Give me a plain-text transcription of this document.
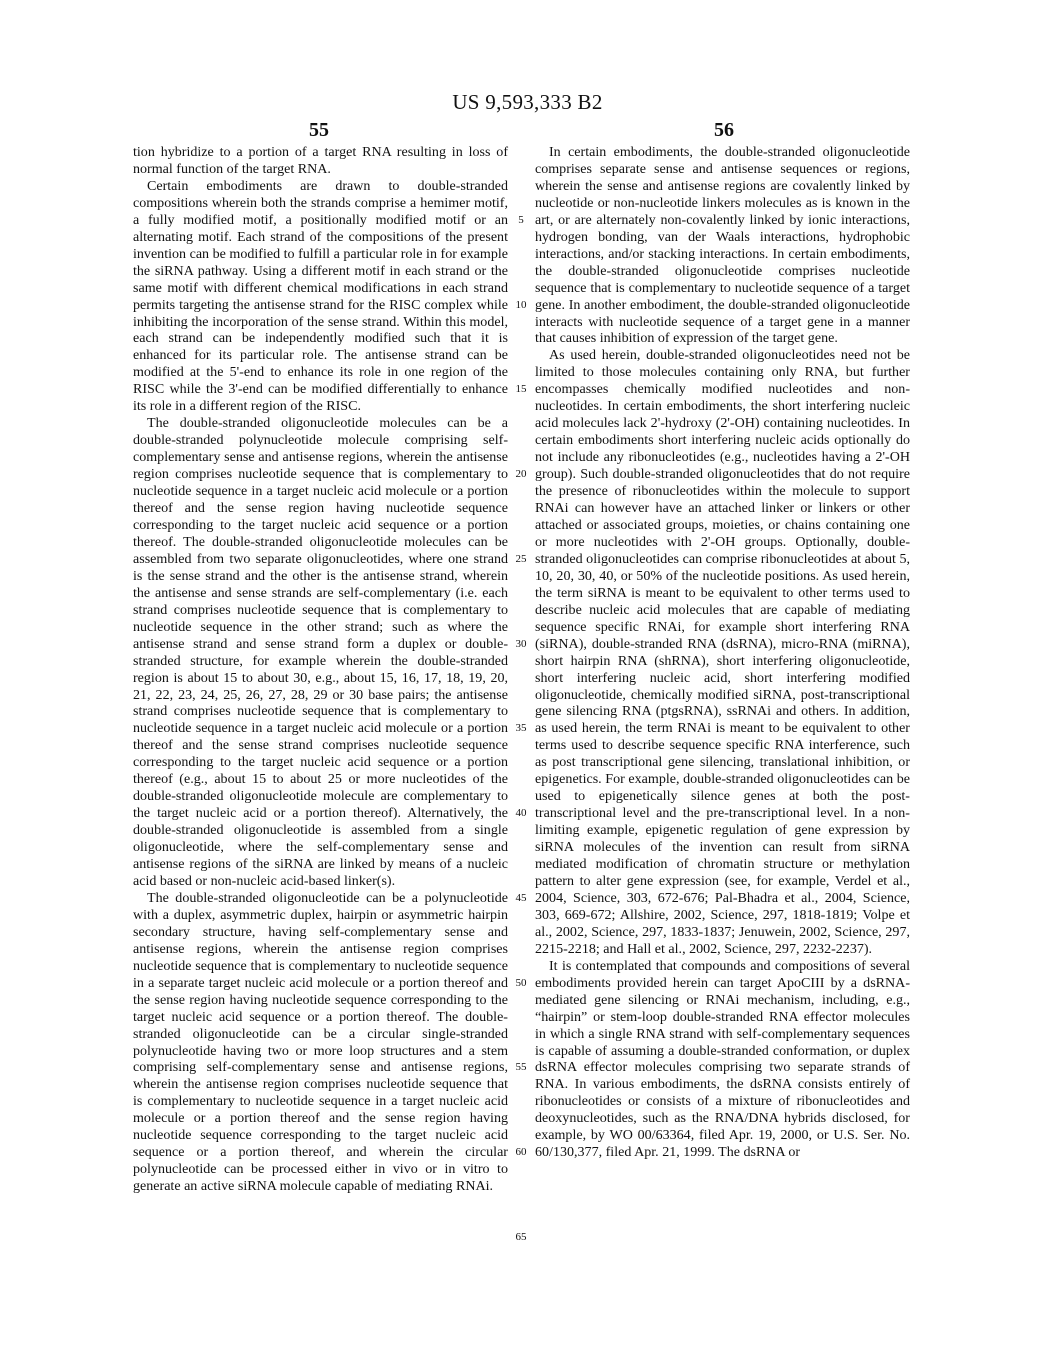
US 9,593,333 B2
55	56

tion hybridize to a portion of a target RNA resulting in loss of normal function of the target RNA.

Certain embodiments are drawn to double-stranded compositions wherein both the strands comprise a hemimer motif, a fully modified motif, a positionally modified motif or an alternating motif. Each strand of the compositions of the present invention can be modified to fulfill a particular role in for example the siRNA pathway. Using a different motif in each strand or the same motif with different chemical modifications in each strand permits targeting the antisense strand for the RISC complex while inhibiting the incorporation of the sense strand. Within this model, each strand can be independently modified such that it is enhanced for its particular role. The antisense strand can be modified at the 5'-end to enhance its role in one region of the RISC while the 3'-end can be modified differentially to enhance its role in a different region of the RISC.

The double-stranded oligonucleotide molecules can be a double-stranded polynucleotide molecule comprising self-complementary sense and antisense regions, wherein the antisense region comprises nucleotide sequence that is complementary to nucleotide sequence in a target nucleic acid molecule or a portion thereof and the sense region having nucleotide sequence corresponding to the target nucleic acid sequence or a portion thereof. The double-stranded oligonucleotide molecules can be assembled from two separate oligonucleotides, where one strand is the sense strand and the other is the antisense strand, wherein the antisense and sense strands are self-complementary (i.e. each strand comprises nucleotide sequence that is complementary to nucleotide sequence in the other strand; such as where the antisense strand and sense strand form a duplex or double-stranded structure, for example wherein the double-stranded region is about 15 to about 30, e.g., about 15, 16, 17, 18, 19, 20, 21, 22, 23, 24, 25, 26, 27, 28, 29 or 30 base pairs; the antisense strand comprises nucleotide sequence that is complementary to nucleotide sequence in a target nucleic acid molecule or a portion thereof and the sense strand comprises nucleotide sequence corresponding to the target nucleic acid sequence or a portion thereof (e.g., about 15 to about 25 or more nucleotides of the double-stranded oligonucleotide molecule are complementary to the target nucleic acid or a portion thereof). Alternatively, the double-stranded oligonucleotide is assembled from a single oligonucleotide, where the self-complementary sense and antisense regions of the siRNA are linked by means of a nucleic acid based or non-nucleic acid-based linker(s).

The double-stranded oligonucleotide can be a polynucleotide with a duplex, asymmetric duplex, hairpin or asymmetric hairpin secondary structure, having self-complementary sense and antisense regions, wherein the antisense region comprises nucleotide sequence that is complementary to nucleotide sequence in a separate target nucleic acid molecule or a portion thereof and the sense region having nucleotide sequence corresponding to the target nucleic acid sequence or a portion thereof. The double-stranded oligonucleotide can be a circular single-stranded polynucleotide having two or more loop structures and a stem comprising self-complementary sense and antisense regions, wherein the antisense region comprises nucleotide sequence that is complementary to nucleotide sequence in a target nucleic acid molecule or a portion thereof and the sense region having nucleotide sequence corresponding to the target nucleic acid sequence or a portion thereof, and wherein the circular polynucleotide can be processed either in vivo or in vitro to generate an active siRNA molecule capable of mediating RNAi.

5
10
15
20
25
30
35
40
45
50
55
60
65

In certain embodiments, the double-stranded oligonucleotide comprises separate sense and antisense sequences or regions, wherein the sense and antisense regions are covalently linked by nucleotide or non-nucleotide linkers molecules as is known in the art, or are alternately non-covalently linked by ionic interactions, hydrogen bonding, van der Waals interactions, hydrophobic interactions, and/or stacking interactions. In certain embodiments, the double-stranded oligonucleotide comprises nucleotide sequence that is complementary to nucleotide sequence of a target gene. In another embodiment, the double-stranded oligonucleotide interacts with nucleotide sequence of a target gene in a manner that causes inhibition of expression of the target gene.

As used herein, double-stranded oligonucleotides need not be limited to those molecules containing only RNA, but further encompasses chemically modified nucleotides and non-nucleotides. In certain embodiments, the short interfering nucleic acid molecules lack 2'-hydroxy (2'-OH) containing nucleotides. In certain embodiments short interfering nucleic acids optionally do not include any ribonucleotides (e.g., nucleotides having a 2'-OH group). Such double-stranded oligonucleotides that do not require the presence of ribonucleotides within the molecule to support RNAi can however have an attached linker or linkers or other attached or associated groups, moieties, or chains containing one or more nucleotides with 2'-OH groups. Optionally, double-stranded oligonucleotides can comprise ribonucleotides at about 5, 10, 20, 30, 40, or 50% of the nucleotide positions. As used herein, the term siRNA is meant to be equivalent to other terms used to describe nucleic acid molecules that are capable of mediating sequence specific RNAi, for example short interfering RNA (siRNA), double-stranded RNA (dsRNA), micro-RNA (miRNA), short hairpin RNA (shRNA), short interfering oligonucleotide, short interfering nucleic acid, short interfering modified oligonucleotide, chemically modified siRNA, post-transcriptional gene silencing RNA (ptgsRNA), ssRNAi and others. In addition, as used herein, the term RNAi is meant to be equivalent to other terms used to describe sequence specific RNA interference, such as post transcriptional gene silencing, translational inhibition, or epigenetics. For example, double-stranded oligonucleotides can be used to epigenetically silence genes at both the post-transcriptional level and the pre-transcriptional level. In a non-limiting example, epigenetic regulation of gene expression by siRNA molecules of the invention can result from siRNA mediated modification of chromatin structure or methylation pattern to alter gene expression (see, for example, Verdel et al., 2004, Science, 303, 672-676; Pal-Bhadra et al., 2004, Science, 303, 669-672; Allshire, 2002, Science, 297, 1818-1819; Volpe et al., 2002, Science, 297, 1833-1837; Jenuwein, 2002, Science, 297, 2215-2218; and Hall et al., 2002, Science, 297, 2232-2237).

It is contemplated that compounds and compositions of several embodiments provided herein can target ApoCIII by a dsRNA-mediated gene silencing or RNAi mechanism, including, e.g., “hairpin” or stem-loop double-stranded RNA effector molecules in which a single RNA strand with self-complementary sequences is capable of assuming a double-stranded conformation, or duplex dsRNA effector molecules comprising two separate strands of RNA. In various embodiments, the dsRNA consists entirely of ribonucleotides or consists of a mixture of ribonucleotides and deoxynucleotides, such as the RNA/DNA hybrids disclosed, for example, by WO 00/63364, filed Apr. 19, 2000, or U.S. Ser. No. 60/130,377, filed Apr. 21, 1999. The dsRNA or
